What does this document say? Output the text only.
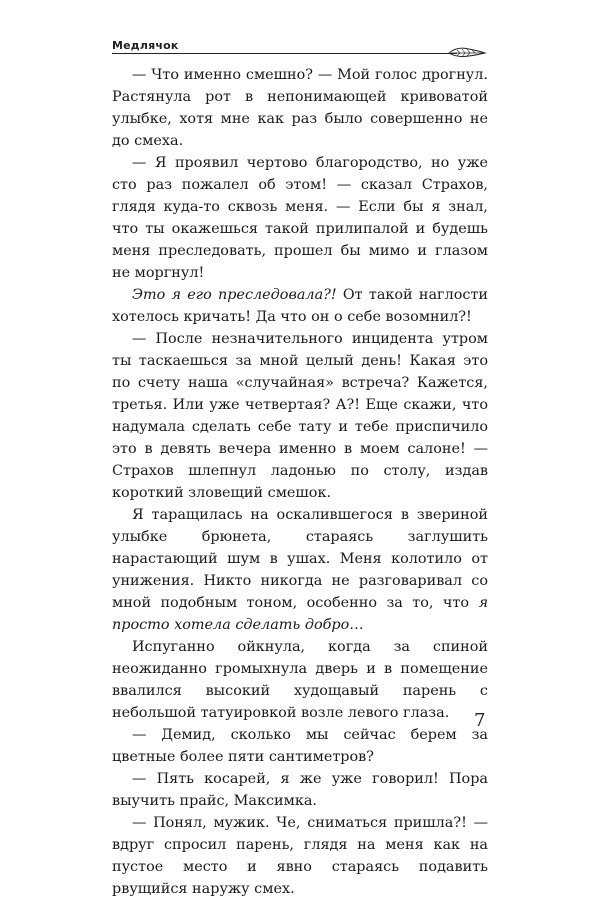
Медлячок

— Что именно смешно? — Мой голос дрогнул. Растянула рот в непонимающей кривоватой улыбке, хотя мне как раз было совершенно не до смеха.

— Я проявил чертово благородство, но уже сто раз пожалел об этом! — сказал Страхов, глядя куда-то сквозь меня. — Если бы я знал, что ты окажешься такой прилипалой и будешь меня преследовать, прошел бы мимо и глазом не моргнул!

Это я его преследовала?! От такой наглости хотелось кричать! Да что он о себе возомнил?!

— После незначительного инцидента утром ты таскаешься за мной целый день! Какая это по счету наша «случайная» встреча? Кажется, третья. Или уже четвертая? А?! Еще скажи, что надумала сделать себе тату и тебе приспичило это в девять вечера именно в моем салоне! — Страхов шлепнул ладонью по столу, издав короткий зловещий смешок.

Я таращилась на оскалившегося в звериной улыбке брюнета, стараясь заглушить нарастающий шум в ушах. Меня колотило от унижения. Никто никогда не разговаривал со мной подобным тоном, особенно за то, что я просто хотела сделать добро…

Испуганно ойкнула, когда за спиной неожиданно громыхнула дверь и в помещение ввалился высокий худощавый парень с небольшой татуировкой возле левого глаза.

— Демид, сколько мы сейчас берем за цветные более пяти сантиметров?

— Пять косарей, я же уже говорил! Пора выучить прайс, Максимка.

— Понял, мужик. Че, сниматься пришла?! — вдруг спросил парень, глядя на меня как на пустое место и явно стараясь подавить рвущийся наружу смех.

7
